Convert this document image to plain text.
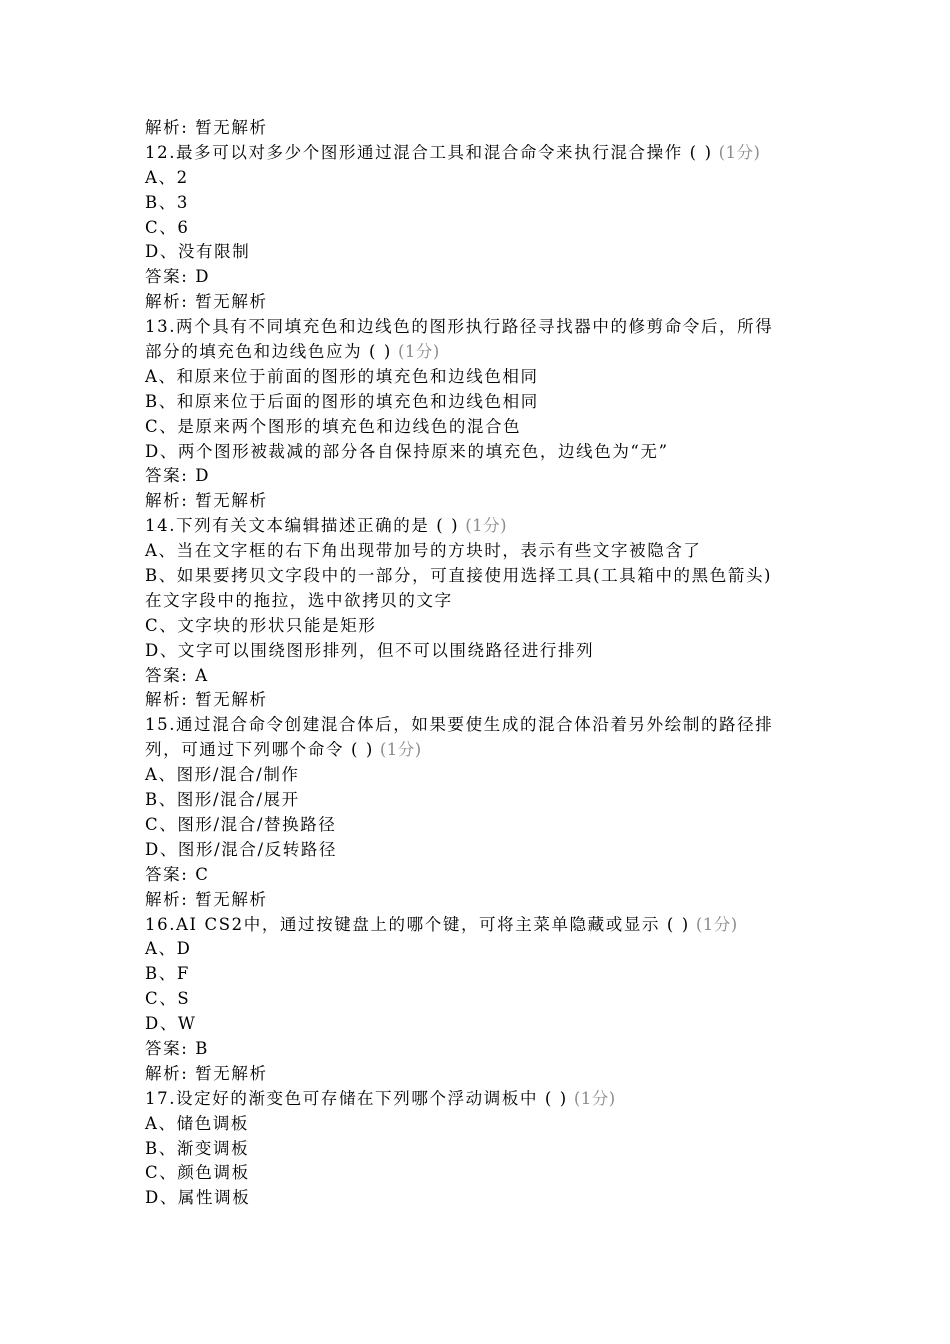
解析: 暂无解析
12.最多可以对多少个图形通过混合工具和混合命令来执行混合操作 ( ) (1分)
A、2
B、3
C、6
D、没有限制
答案: D
解析: 暂无解析
13.两个具有不同填充色和边线色的图形执行路径寻找器中的修剪命令后，所得
部分的填充色和边线色应为 ( ) (1分)
A、和原来位于前面的图形的填充色和边线色相同
B、和原来位于后面的图形的填充色和边线色相同
C、是原来两个图形的填充色和边线色的混合色
D、两个图形被裁减的部分各自保持原来的填充色，边线色为“无”
答案: D
解析: 暂无解析
14.下列有关文本编辑描述正确的是 ( ) (1分)
A、当在文字框的右下角出现带加号的方块时，表示有些文字被隐含了
B、如果要拷贝文字段中的一部分，可直接使用选择工具(工具箱中的黑色箭头)
在文字段中的拖拉，选中欲拷贝的文字
C、文字块的形状只能是矩形
D、文字可以围绕图形排列，但不可以围绕路径进行排列
答案: A
解析: 暂无解析
15.通过混合命令创建混合体后，如果要使生成的混合体沿着另外绘制的路径排
列，可通过下列哪个命令 ( ) (1分)
A、图形/混合/制作
B、图形/混合/展开
C、图形/混合/替换路径
D、图形/混合/反转路径
答案: C
解析: 暂无解析
16.AI CS2中，通过按键盘上的哪个键，可将主菜单隐藏或显示 ( ) (1分)
A、D
B、F
C、S
D、W
答案: B
解析: 暂无解析
17.设定好的渐变色可存储在下列哪个浮动调板中 ( ) (1分)
A、储色调板
B、渐变调板
C、颜色调板
D、属性调板
